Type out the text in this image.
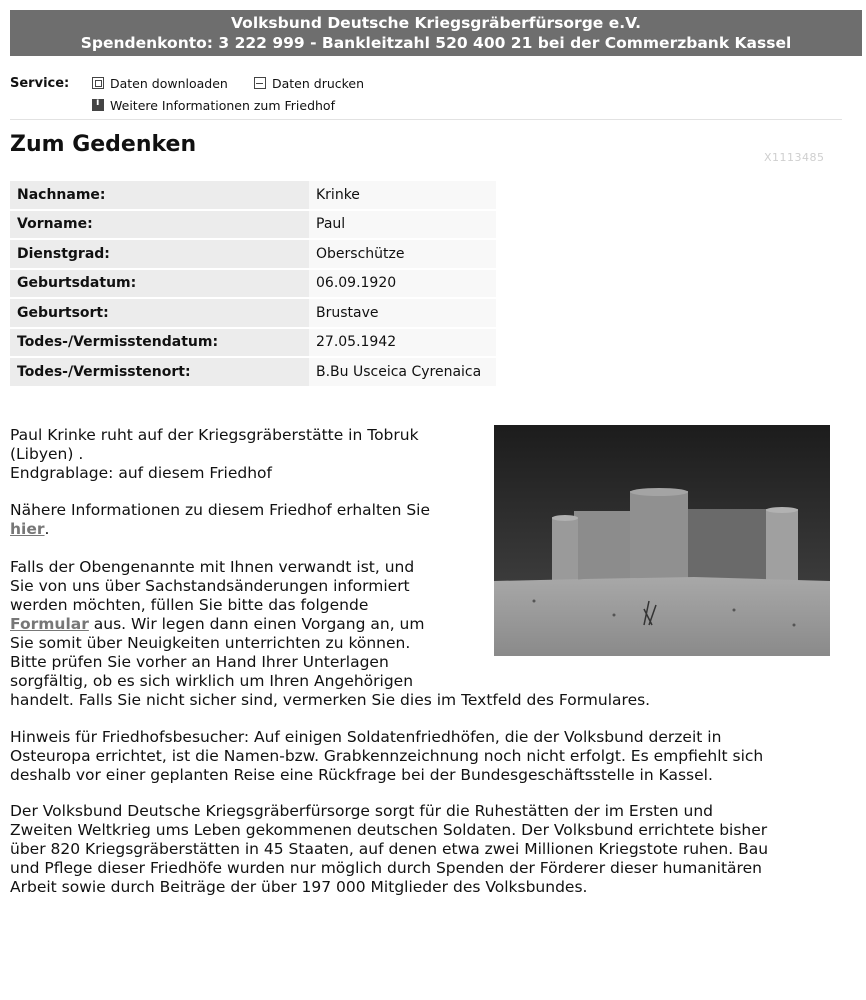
Volksbund Deutsche Kriegsgräberfürsorge e.V.
Spendenkonto: 3 222 999 - Bankleitzahl 520 400 21 bei der Commerzbank Kassel
Service:	Daten downloaden	Daten drucken
iWeitere Informationen zum Friedhof
Zum Gedenken
X1113485
Nachname:	Krinke
Vorname:	Paul
Dienstgrad:	Oberschütze
Geburtsdatum:	06.09.1920
Geburtsort:	Brustave
Todes-/Vermisstendatum:	27.05.1942
Todes-/Vermisstenort:	B.Bu Usceica Cyrenaica
Paul Krinke ruht auf der Kriegsgräberstätte in Tobruk
(Libyen) .
Endgrablage: auf diesem Friedhof
Nähere Informationen zu diesem Friedhof erhalten Sie
hier.
Falls der Obengenannte mit Ihnen verwandt ist, und
Sie von uns über Sachstandsänderungen informiert
werden möchten, füllen Sie bitte das folgende
Formular aus. Wir legen dann einen Vorgang an, um
Sie somit über Neuigkeiten unterrichten zu können.
Bitte prüfen Sie vorher an Hand Ihrer Unterlagen
sorgfältig, ob es sich wirklich um Ihren Angehörigen
handelt. Falls Sie nicht sicher sind, vermerken Sie dies im Textfeld des Formulares.
Hinweis für Friedhofsbesucher: Auf einigen Soldatenfriedhöfen, die der Volksbund derzeit in
Osteuropa errichtet, ist die Namen-bzw. Grabkennzeichnung noch nicht erfolgt. Es empfiehlt sich
deshalb vor einer geplanten Reise eine Rückfrage bei der Bundesgeschäftsstelle in Kassel.
Der Volksbund Deutsche Kriegsgräberfürsorge sorgt für die Ruhestätten der im Ersten und
Zweiten Weltkrieg ums Leben gekommenen deutschen Soldaten. Der Volksbund errichtete bisher
über 820 Kriegsgräberstätten in 45 Staaten, auf denen etwa zwei Millionen Kriegstote ruhen. Bau
und Pflege dieser Friedhöfe wurden nur möglich durch Spenden der Förderer dieser humanitären
Arbeit sowie durch Beiträge der über 197 000 Mitglieder des Volksbundes.
